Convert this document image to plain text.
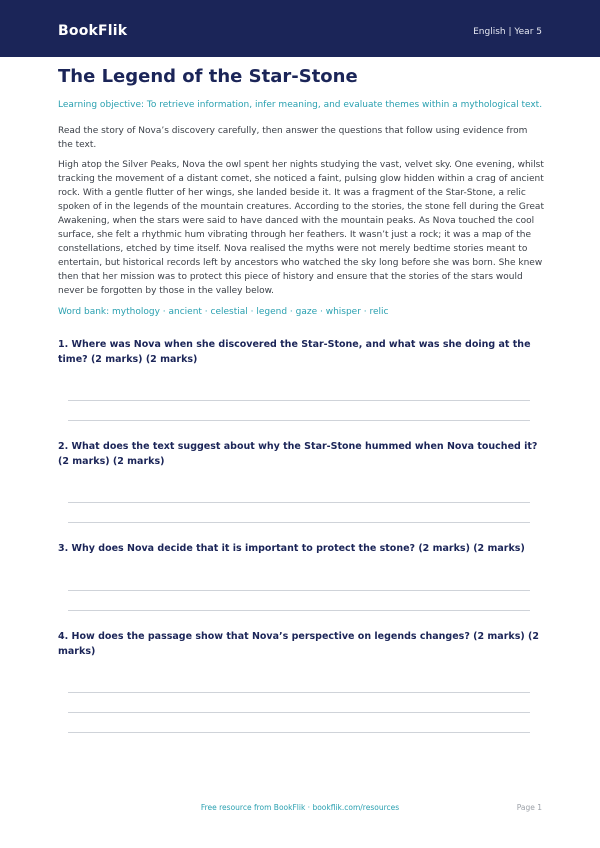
BookFlik	English | Year 5
The Legend of the Star-Stone

Learning objective: To retrieve information, infer meaning, and evaluate themes within a mythological text.

Read the story of Nova’s discovery carefully, then answer the questions that follow using evidence from the text.

High atop the Silver Peaks, Nova the owl spent her nights studying the vast, velvet sky. One evening, whilst tracking the movement of a distant comet, she noticed a faint, pulsing glow hidden within a crag of ancient rock. With a gentle flutter of her wings, she landed beside it. It was a fragment of the Star-Stone, a relic spoken of in the legends of the mountain creatures. According to the stories, the stone fell during the Great Awakening, when the stars were said to have danced with the mountain peaks. As Nova touched the cool surface, she felt a rhythmic hum vibrating through her feathers. It wasn’t just a rock; it was a map of the constellations, etched by time itself. Nova realised the myths were not merely bedtime stories meant to entertain, but historical records left by ancestors who watched the sky long before she was born. She knew then that her mission was to protect this piece of history and ensure that the stories of the stars would never be forgotten by those in the valley below.

Word bank: mythology · ancient · celestial · legend · gaze · whisper · relic

1. Where was Nova when she discovered the Star-Stone, and what was she doing at the time? (2 marks) (2 marks)

2. What does the text suggest about why the Star-Stone hummed when Nova touched it? (2 marks) (2 marks)

3. Why does Nova decide that it is important to protect the stone? (2 marks) (2 marks)

4. How does the passage show that Nova’s perspective on legends changes? (2 marks) (2 marks)

Free resource from BookFlik · bookflik.com/resources	Page 1
